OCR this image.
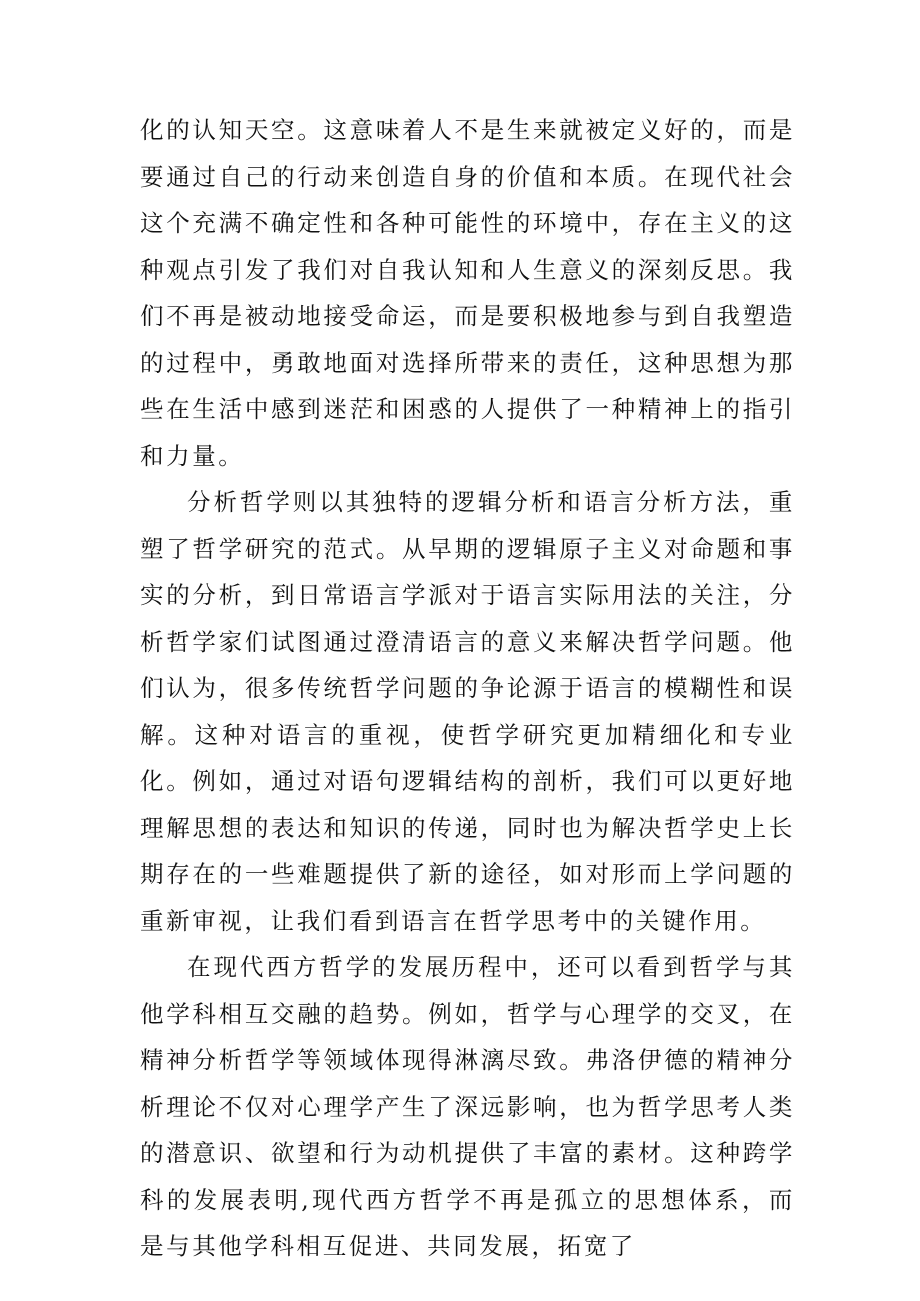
化的认知天空。这意味着人不是生来就被定义好的，而是要通过自己的行动来创造自身的价值和本质。在现代社会这个充满不确定性和各种可能性的环境中，存在主义的这种观点引发了我们对自我认知和人生意义的深刻反思。我们不再是被动地接受命运，而是要积极地参与到自我塑造的过程中，勇敢地面对选择所带来的责任，这种思想为那些在生活中感到迷茫和困惑的人提供了一种精神上的指引和力量。

分析哲学则以其独特的逻辑分析和语言分析方法，重塑了哲学研究的范式。从早期的逻辑原子主义对命题和事实的分析，到日常语言学派对于语言实际用法的关注，分析哲学家们试图通过澄清语言的意义来解决哲学问题。他们认为，很多传统哲学问题的争论源于语言的模糊性和误解。这种对语言的重视，使哲学研究更加精细化和专业化。例如，通过对语句逻辑结构的剖析，我们可以更好地理解思想的表达和知识的传递，同时也为解决哲学史上长期存在的一些难题提供了新的途径，如对形而上学问题的重新审视，让我们看到语言在哲学思考中的关键作用。

在现代西方哲学的发展历程中，还可以看到哲学与其他学科相互交融的趋势。例如，哲学与心理学的交叉，在精神分析哲学等领域体现得淋漓尽致。弗洛伊德的精神分析理论不仅对心理学产生了深远影响，也为哲学思考人类的潜意识、欲望和行为动机提供了丰富的素材。这种跨学科的发展表明,现代西方哲学不再是孤立的思想体系，而是与其他学科相互促进、共同发展，拓宽了
